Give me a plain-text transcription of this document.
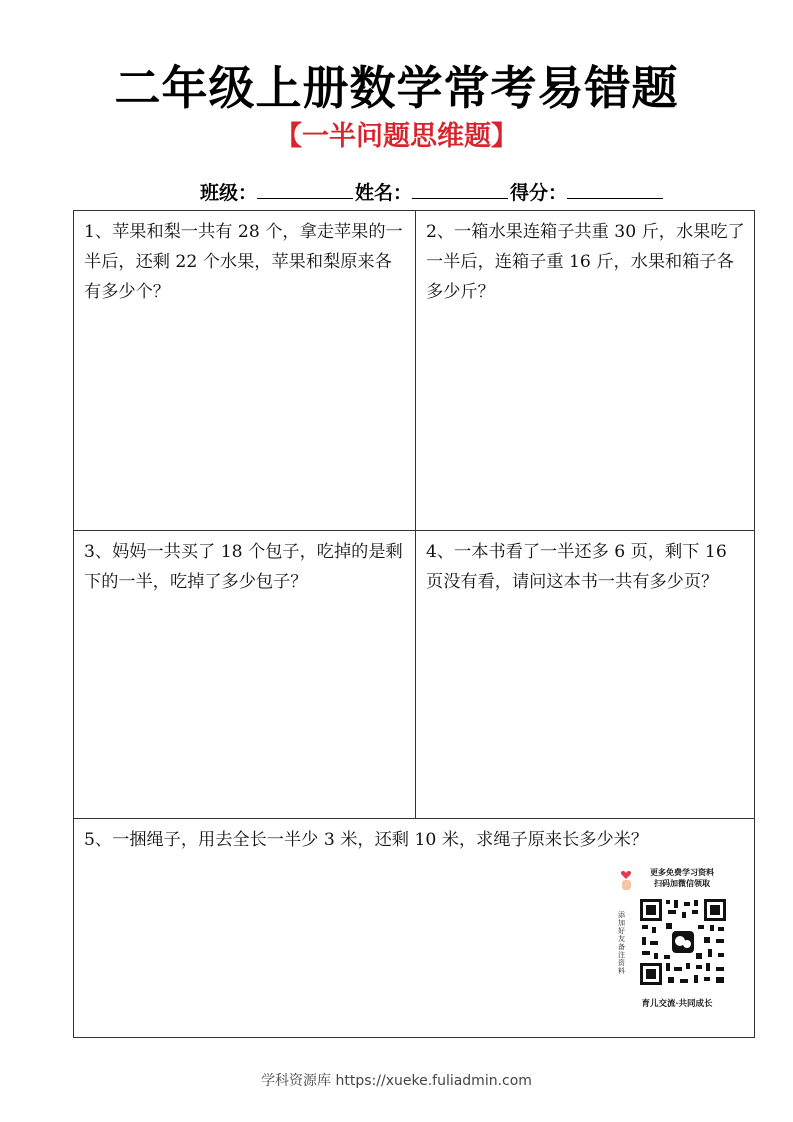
二年级上册数学常考易错题
【一半问题思维题】
班级：	姓名：	得分：
1、苹果和梨一共有 28 个，拿走苹果的一半后，还剩 22 个水果，苹果和梨原来各有多少个？
2、一箱水果连箱子共重 30 斤，水果吃了一半后，连箱子重 16 斤，水果和箱子各多少斤？
3、妈妈一共买了 18 个包子，吃掉的是剩下的一半，吃掉了多少包子？
4、一本书看了一半还多 6 页，剩下 16 页没有看，请问这本书一共有多少页？
5、一捆绳子，用去全长一半少 3 米，还剩 10 米，求绳子原来长多少米？
更多免费学习资料
扫码加微信领取
添加好友备注资料
育儿交流·共同成长
学科资源库 https://xueke.fuliadmin.com
